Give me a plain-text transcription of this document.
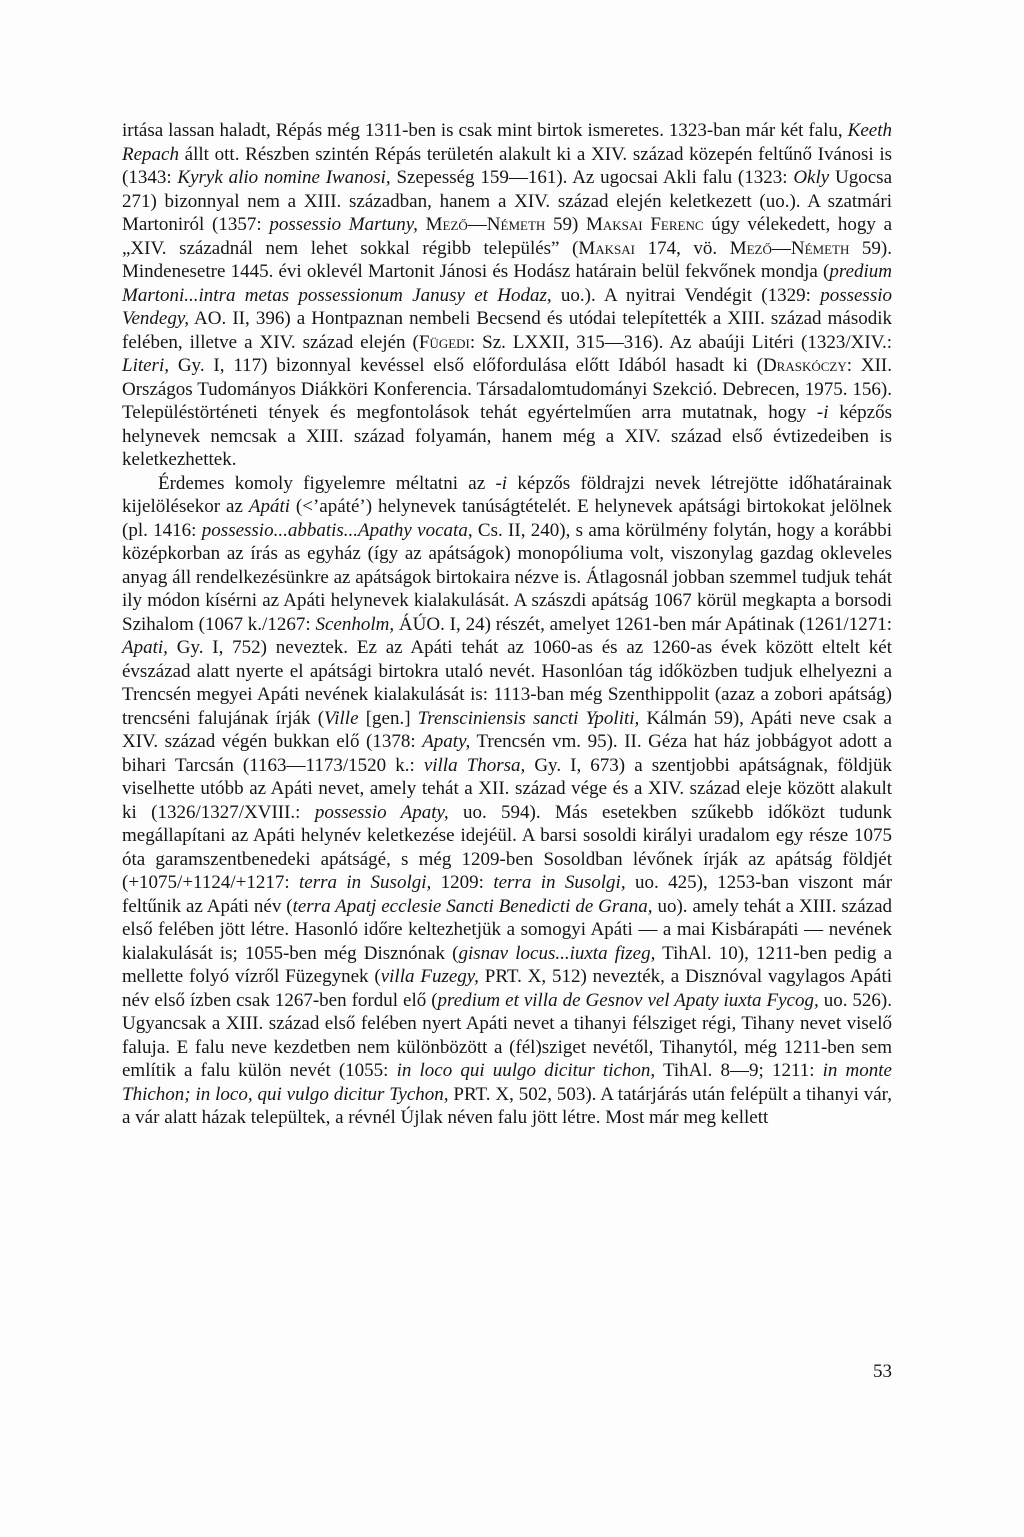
irtása lassan haladt, Répás még 1311-ben is csak mint birtok ismeretes. 1323-ban már két falu, Keeth Repach állt ott. Részben szintén Répás területén alakult ki a XIV. század közepén feltűnő Ivánosi is (1343: Kyryk alio nomine Iwanosi, Szepesség 159—161). Az ugocsai Akli falu (1323: Okly Ugocsa 271) bizonnyal nem a XIII. században, hanem a XIV. század elején keletkezett (uo.). A szatmári Martoniról (1357: possessio Martuny, Mező—Németh 59) Maksai Ferenc úgy vélekedett, hogy a „XIV. századnál nem lehet sokkal régibb település” (Maksai 174, vö. Mező—Németh 59). Mindenesetre 1445. évi oklevél Martonit Jánosi és Hodász határain belül fekvőnek mondja (predium Martoni...intra metas possessionum Janusy et Hodaz, uo.). A nyitrai Vendégit (1329: possessio Vendegy, AO. II, 396) a Hontpaznan nembeli Becsend és utódai telepítették a XIII. század második felében, illetve a XIV. század elején (Fügedi: Sz. LXXII, 315—316). Az abaúji Litéri (1323/XIV.: Literi, Gy. I, 117) bizonnyal kevéssel első előfordulása előtt Idából hasadt ki (Draskóczy: XII. Országos Tudományos Diákköri Konferencia. Társadalomtudományi Szekció. Debrecen, 1975. 156). Településtörténeti tények és megfontolások tehát egyértelműen arra mutatnak, hogy -i képzős helynevek nemcsak a XIII. század folyamán, hanem még a XIV. század első évtizedeiben is keletkezhettek.

Érdemes komoly figyelemre méltatni az -i képzős földrajzi nevek létrejötte időhatárainak kijelölésekor az Apáti (<’apáté’) helynevek tanúságtételét. E helynevek apátsági birtokokat jelölnek (pl. 1416: possessio...abbatis...Apathy vocata, Cs. II, 240), s ama körülmény folytán, hogy a korábbi középkorban az írás as egyház (így az apátságok) monopóliuma volt, viszonylag gazdag okleveles anyag áll rendelkezésünkre az apátságok birtokaira nézve is. Átlagosnál jobban szemmel tudjuk tehát ily módon kísérni az Apáti helynevek kialakulását. A szászdi apátság 1067 körül megkapta a borsodi Szihalom (1067 k./1267: Scenholm, ÁÚO. I, 24) részét, amelyet 1261-ben már Apátinak (1261/1271: Apati, Gy. I, 752) neveztek. Ez az Apáti tehát az 1060-as és az 1260-as évek között eltelt két évszázad alatt nyerte el apátsági birtokra utaló nevét. Hasonlóan tág időközben tudjuk elhelyezni a Trencsén megyei Apáti nevének kialakulását is: 1113-ban még Szenthippolit (azaz a zobori apátság) trencséni falujának írják (Ville [gen.] Trensciniensis sancti Ypoliti, Kálmán 59), Apáti neve csak a XIV. század végén bukkan elő (1378: Apaty, Trencsén vm. 95). II. Géza hat ház jobbágyot adott a bihari Tarcsán (1163—1173/1520 k.: villa Thorsa, Gy. I, 673) a szentjobbi apátságnak, földjük viselhette utóbb az Apáti nevet, amely tehát a XII. század vége és a XIV. század eleje között alakult ki (1326/1327/XVIII.: possessio Apaty, uo. 594). Más esetekben szűkebb időközt tudunk megállapítani az Apáti helynév keletkezése idejéül. A barsi sosoldi királyi uradalom egy része 1075 óta garamszentbenedeki apátságé, s még 1209-ben Sosoldban lévőnek írják az apátság földjét (+1075/+1124/+1217: terra in Susolgi, 1209: terra in Susolgi, uo. 425), 1253-ban viszont már feltűnik az Apáti név (terra Apatj ecclesie Sancti Benedicti de Grana, uo). amely tehát a XIII. század első felében jött létre. Hasonló időre keltezhetjük a somogyi Apáti — a mai Kisbárapáti — nevének kialakulását is; 1055-ben még Disznónak (gisnav locus...iuxta fizeg, TihAl. 10), 1211-ben pedig a mellette folyó vízről Füzegynek (villa Fuzegy, PRT. X, 512) nevezték, a Disznóval vagylagos Apáti név első ízben csak 1267-ben fordul elő (predium et villa de Gesnov vel Apaty iuxta Fycog, uo. 526). Ugyancsak a XIII. század első felében nyert Apáti nevet a tihanyi félsziget régi, Tihany nevet viselő faluja. E falu neve kezdetben nem különbözött a (fél)sziget nevétől, Tihanytól, még 1211-ben sem említik a falu külön nevét (1055: in loco qui uulgo dicitur tichon, TihAl. 8—9; 1211: in monte Thichon; in loco, qui vulgo dicitur Tychon, PRT. X, 502, 503). A tatárjárás után felépült a tihanyi vár, a vár alatt házak települtek, a révnél Újlak néven falu jött létre. Most már meg kellett

53
